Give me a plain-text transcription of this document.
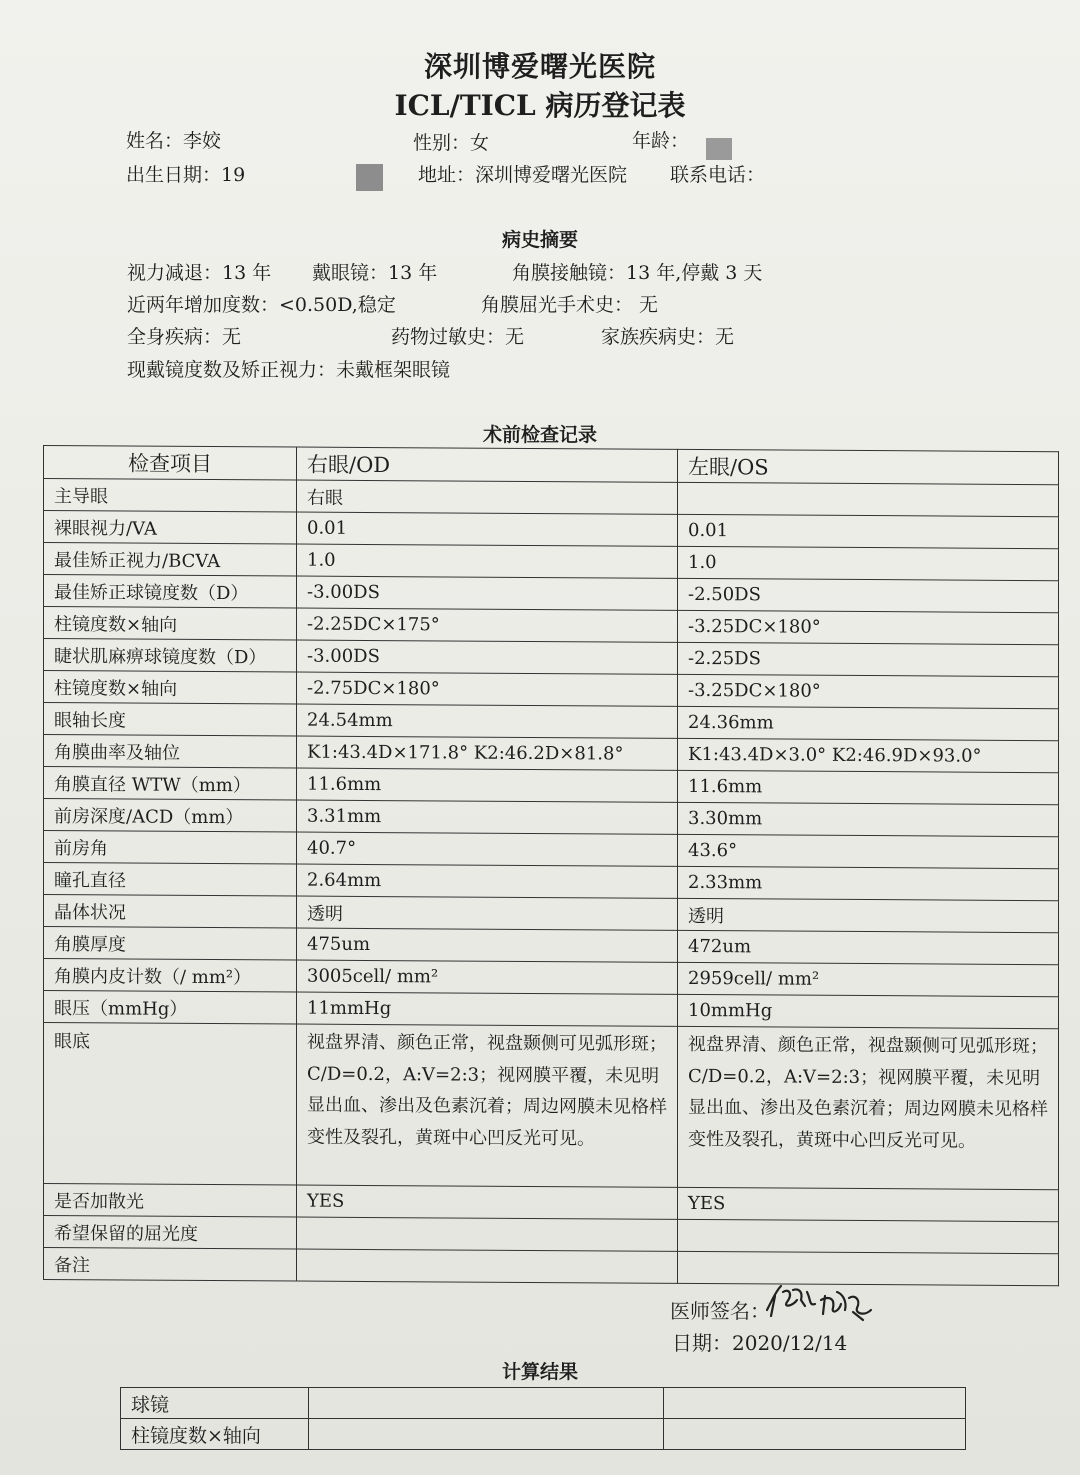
深圳博爱曙光医院
ICL/TICL 病历登记表
姓名：李姣	性别：女	年龄：
出生日期：19	地址：深圳博爱曙光医院 联系电话：
病史摘要
视力减退：13 年 戴眼镜：13 年	角膜接触镜：13 年,停戴 3 天
近两年增加度数：<0.50D,稳定	角膜屈光手术史： 无
全身疾病：无	药物过敏史：无	家族疾病史：无
现戴镜度数及矫正视力：未戴框架眼镜
术前检查记录
检查项目	右眼/OD	左眼/OS
主导眼	右眼	
裸眼视力/VA	0.01	0.01
最佳矫正视力/BCVA	1.0	1.0
最佳矫正球镜度数（D）	-3.00DS	-2.50DS
柱镜度数×轴向	-2.25DC×175°	-3.25DC×180°
睫状肌麻痹球镜度数（D）	-3.00DS	-2.25DS
柱镜度数×轴向	-2.75DC×180°	-3.25DC×180°
眼轴长度	24.54mm	24.36mm
角膜曲率及轴位	K1:43.4D×171.8° K2:46.2D×81.8°	K1:43.4D×3.0° K2:46.9D×93.0°
角膜直径 WTW（mm）	11.6mm	11.6mm
前房深度/ACD（mm）	3.31mm	3.30mm
前房角	40.7°	43.6°
瞳孔直径	2.64mm	2.33mm
晶体状况	透明	透明
角膜厚度	475um	472um
角膜内皮计数（/ mm²）	3005cell/ mm²	2959cell/ mm²
眼压（mmHg）	11mmHg	10mmHg
眼底	视盘界清、颜色正常，视盘颞侧可见弧形斑；C/D=0.2，A:V=2:3；视网膜平覆，未见明显出血、渗出及色素沉着；周边网膜未见格样变性及裂孔，黄斑中心凹反光可见。	视盘界清、颜色正常，视盘颞侧可见弧形斑；C/D=0.2，A:V=2:3；视网膜平覆，未见明显出血、渗出及色素沉着；周边网膜未见格样变性及裂孔，黄斑中心凹反光可见。
是否加散光	YES	YES
希望保留的屈光度		
备注		
医师签名：
日期：2020/12/14
计算结果
球镜		
柱镜度数×轴向		
